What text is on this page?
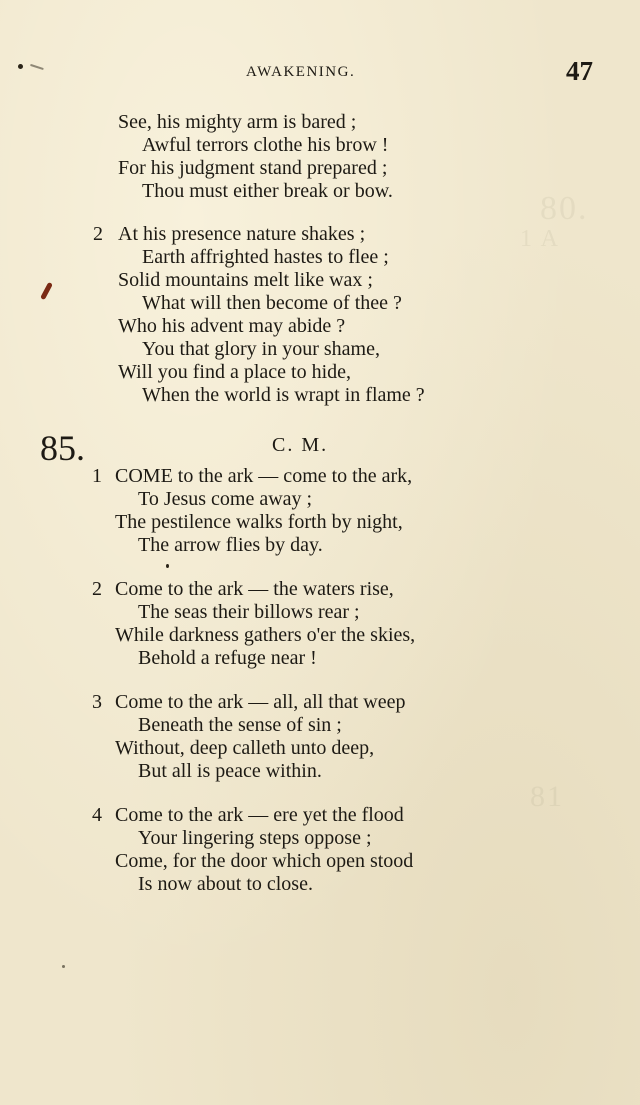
80.
1 A
81
AWAKENING.	47
See, his mighty arm is bared ;
Awful terrors clothe his brow !
For his judgment stand prepared ;
Thou must either break or bow.
2 At his presence nature shakes ;
Earth affrighted hastes to flee ;
Solid mountains melt like wax ;
What will then become of thee ?
Who his advent may abide ?
You that glory in your shame,
Will you find a place to hide,
When the world is wrapt in flame ?
85.	C. M.
1 COME to the ark — come to the ark,
To Jesus come away ;
The pestilence walks forth by night,
The arrow flies by day.
2 Come to the ark — the waters rise,
The seas their billows rear ;
While darkness gathers o'er the skies,
Behold a refuge near !
3 Come to the ark — all, all that weep
Beneath the sense of sin ;
Without, deep calleth unto deep,
But all is peace within.
4 Come to the ark — ere yet the flood
Your lingering steps oppose ;
Come, for the door which open stood
Is now about to close.
